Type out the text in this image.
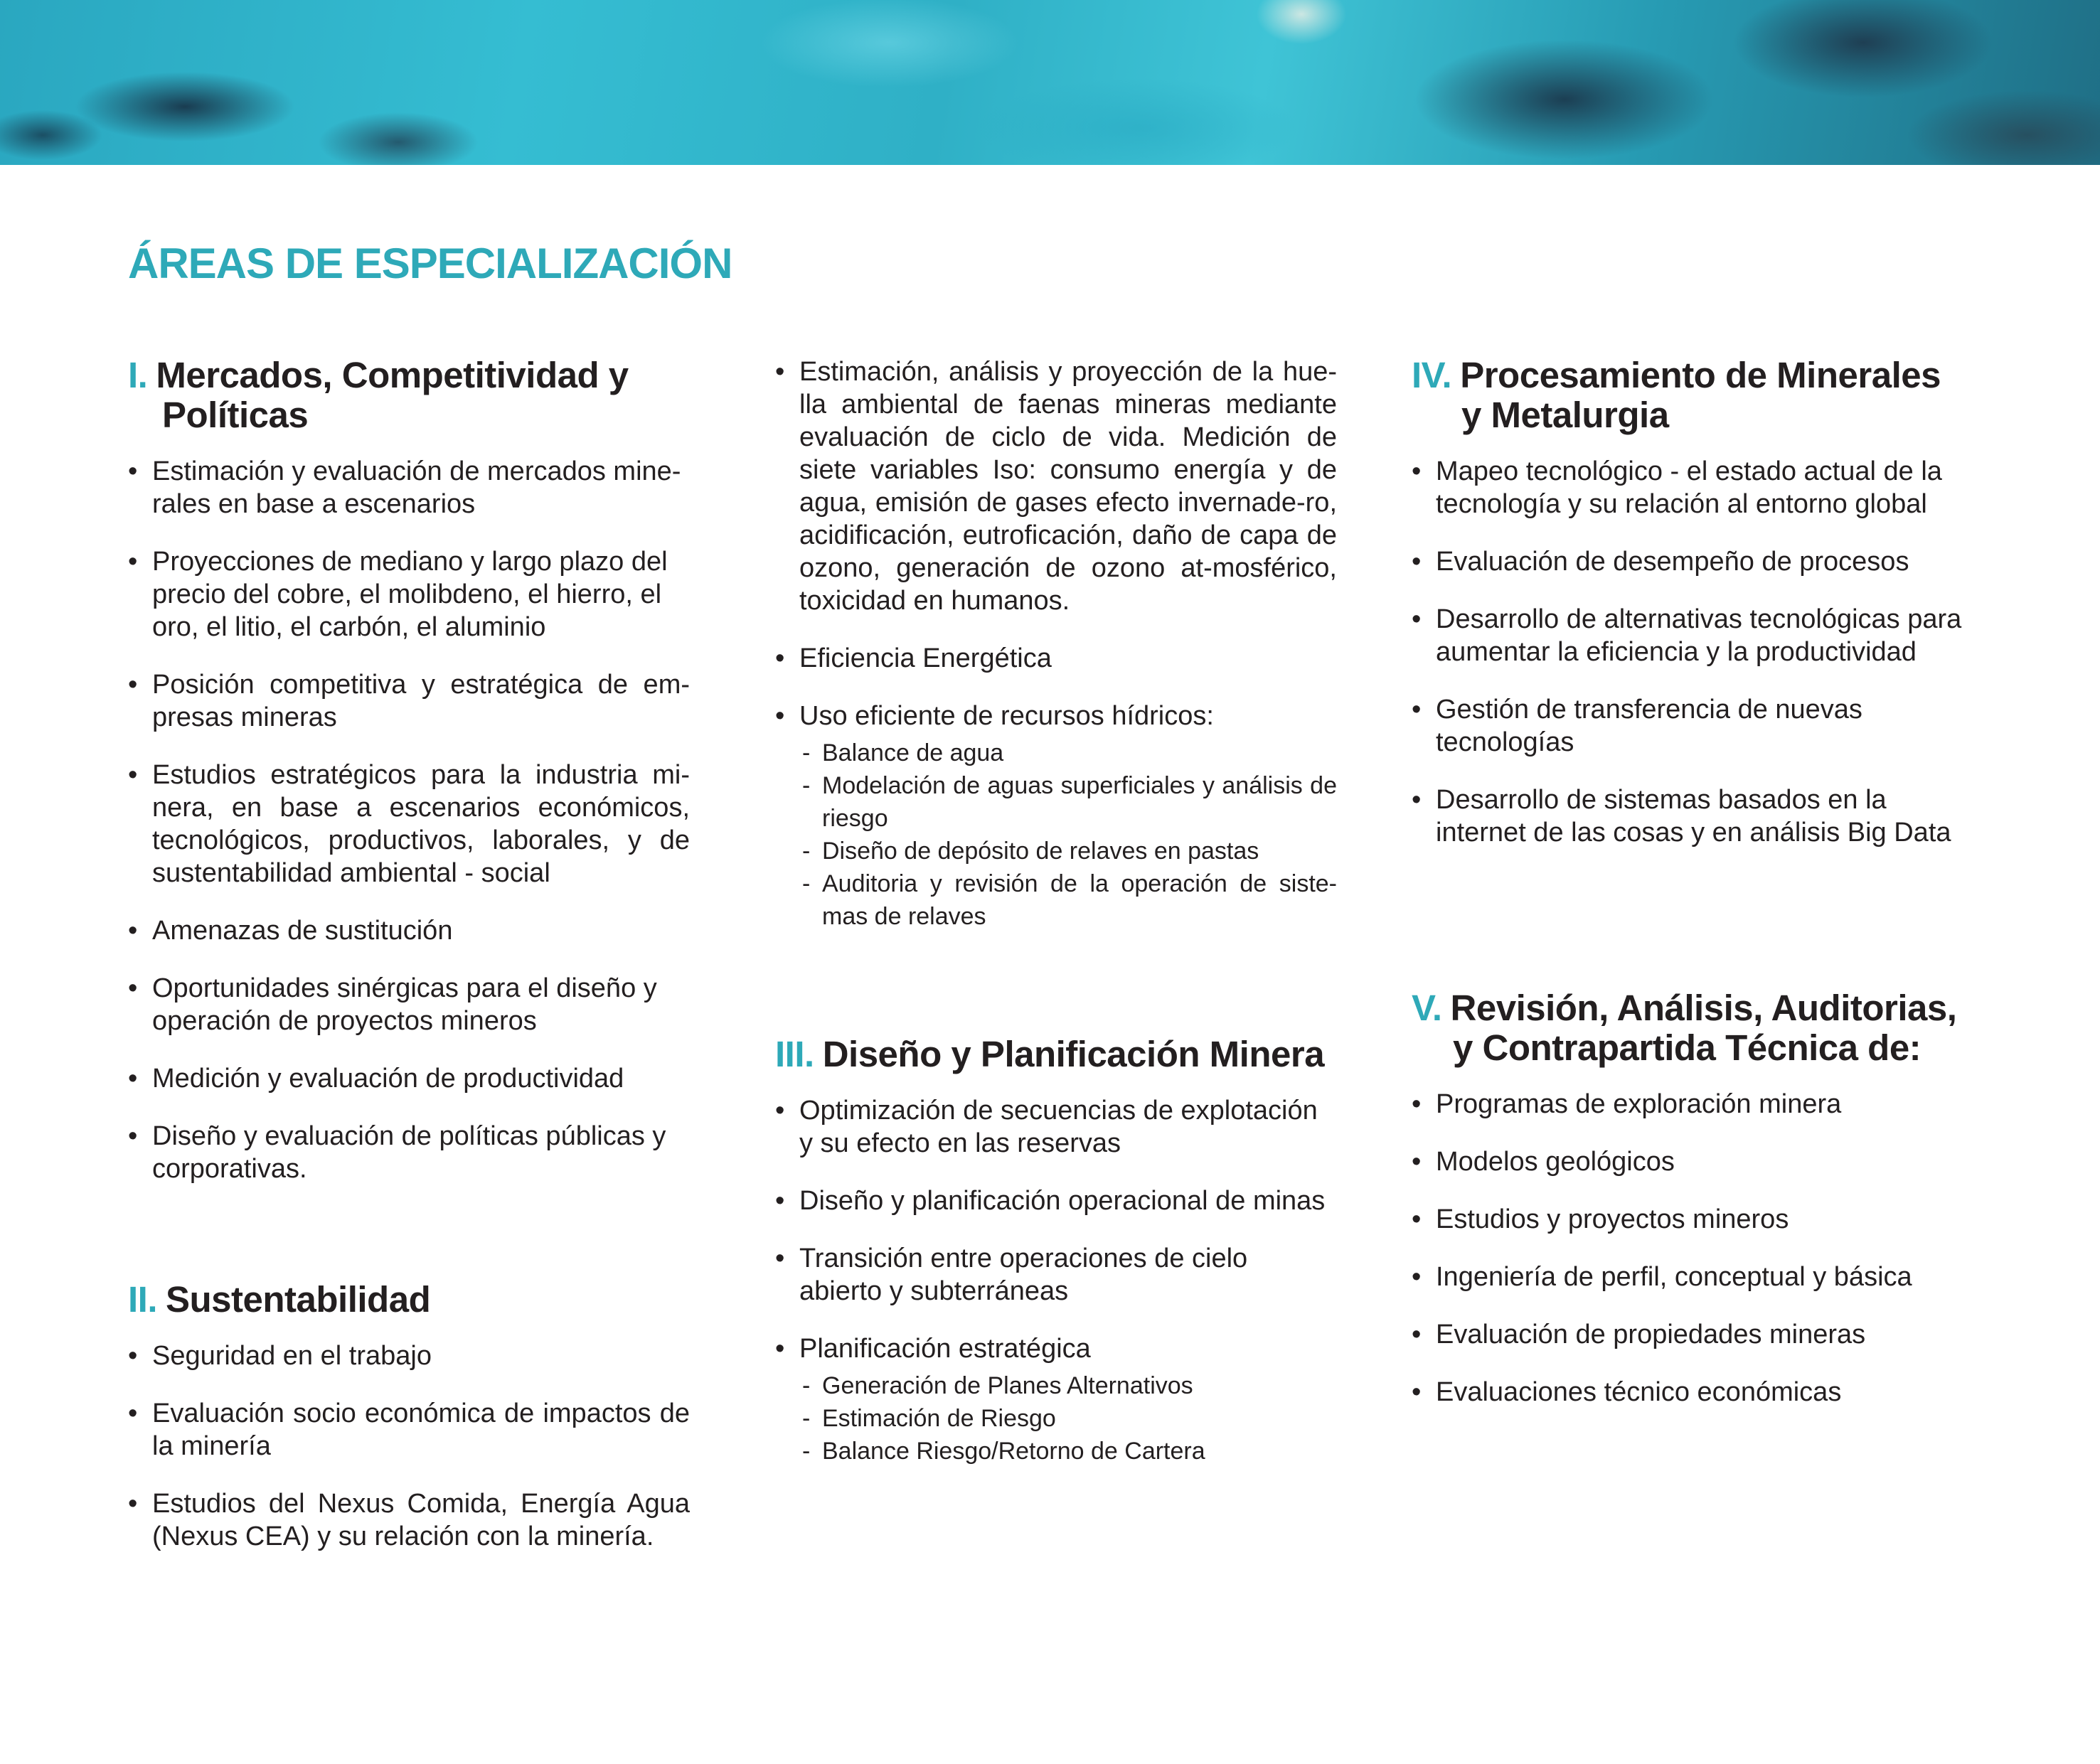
ÁREAS DE ESPECIALIZACIÓN
I. Mercados, Competitividad y
Políticas
• Estimación y evaluación de mercados mine-rales en base a escenarios
• Proyecciones de mediano y largo plazo del precio del cobre, el molibdeno, el hierro, el oro, el litio, el carbón, el aluminio
• Posición competitiva y estratégica de em-presas mineras
• Estudios estratégicos para la industria mi-nera, en base a escenarios económicos, tecnológicos, productivos, laborales, y de sustentabilidad ambiental - social
• Amenazas de sustitución
• Oportunidades sinérgicas para el diseño y operación de proyectos mineros
• Medición y evaluación de productividad
• Diseño y evaluación de políticas públicas y corporativas.
II. Sustentabilidad
• Seguridad en el trabajo
• Evaluación socio económica de impactos de la minería
• Estudios del Nexus Comida, Energía Agua (Nexus CEA) y su relación con la minería.
• Estimación, análisis y proyección de la hue-lla ambiental de faenas mineras mediante evaluación de ciclo de vida. Medición de siete variables Iso: consumo energía y de agua, emisión de gases efecto invernade-ro, acidificación, eutroficación, daño de capa de ozono, generación de ozono at-mosférico, toxicidad en humanos.
• Eficiencia Energética
• Uso eficiente de recursos hídricos:
- Balance de agua
- Modelación de aguas superficiales y análisis de riesgo
- Diseño de depósito de relaves en pastas
- Auditoria y revisión de la operación de siste-mas de relaves
III. Diseño y Planificación Minera
• Optimización de secuencias de explotación y su efecto en las reservas
• Diseño y planificación operacional de minas
• Transición entre operaciones de cielo abierto y subterráneas
• Planificación estratégica
- Generación de Planes Alternativos
- Estimación de Riesgo
- Balance Riesgo/Retorno de Cartera
IV. Procesamiento de Minerales
y Metalurgia
• Mapeo tecnológico - el estado actual de la tecnología y su relación al entorno global
• Evaluación de desempeño de procesos
• Desarrollo de alternativas tecnológicas para aumentar la eficiencia y la productividad
• Gestión de transferencia de nuevas tecnologías
• Desarrollo de sistemas basados en la internet de las cosas y en análisis Big Data
V. Revisión, Análisis, Auditorias,
y Contrapartida Técnica de:
• Programas de exploración minera
• Modelos geológicos
• Estudios y proyectos mineros
• Ingeniería de perfil, conceptual y básica
• Evaluación de propiedades mineras
• Evaluaciones técnico económicas
